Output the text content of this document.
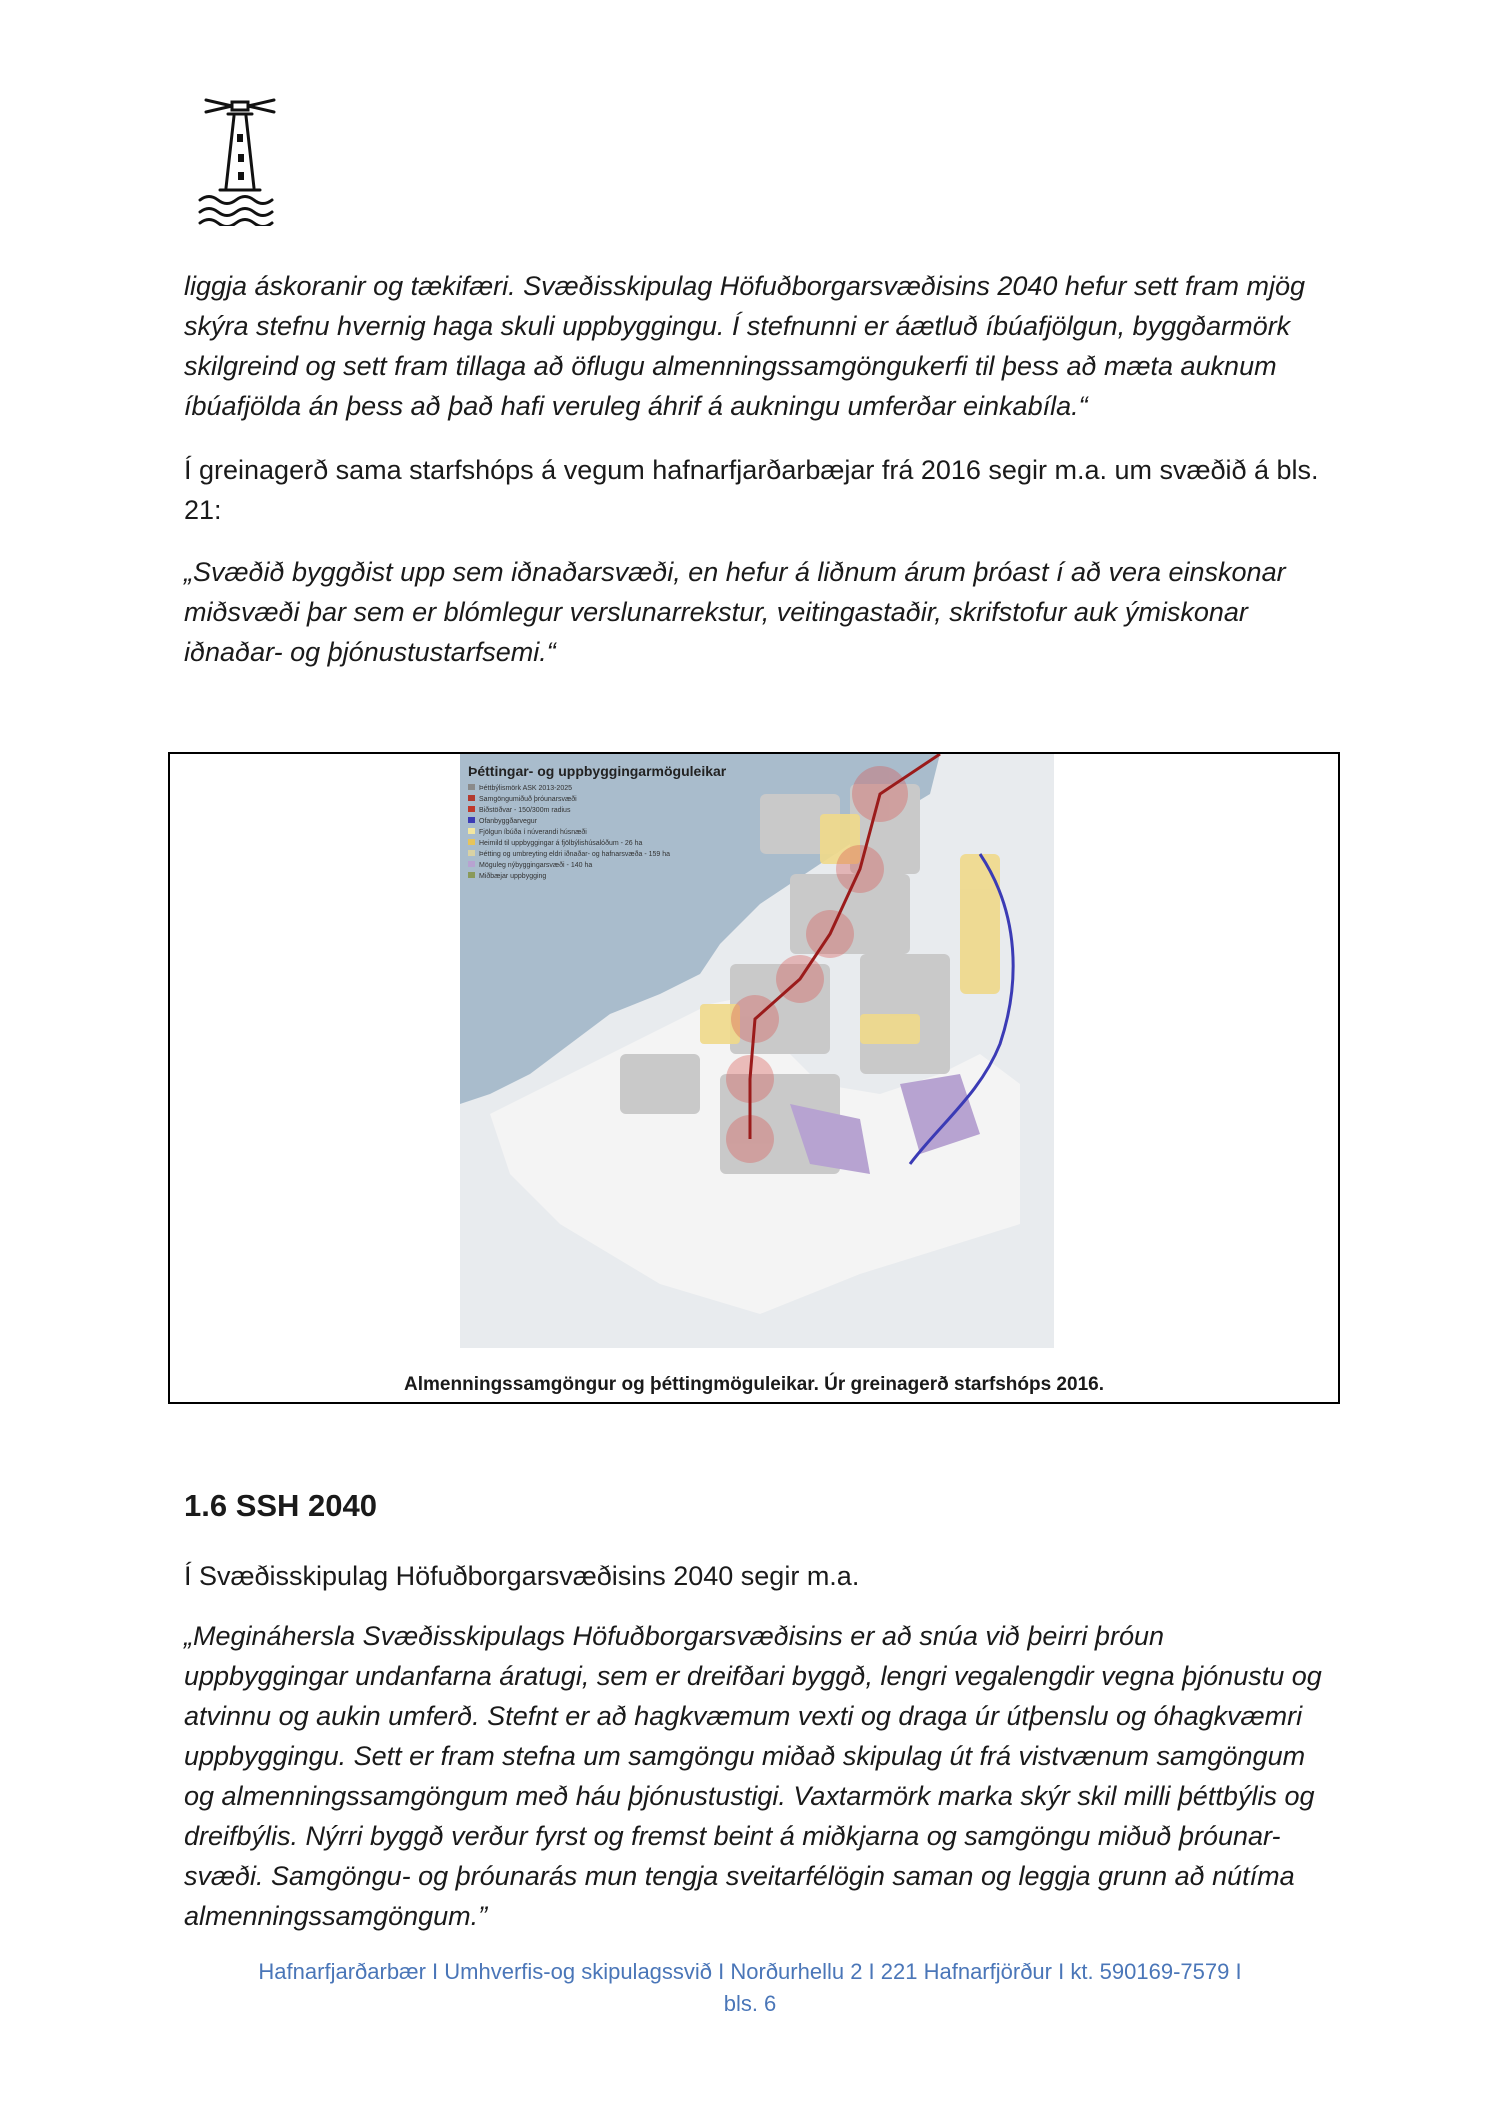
liggja áskoranir og tækifæri. Svæðisskipulag Höfuðborgarsvæðisins 2040 hefur sett fram mjög skýra stefnu hvernig haga skuli uppbyggingu. Í stefnunni er áætluð íbúafjölgun, byggðarmörk skilgreind og sett fram tillaga að öflugu almenningssamgöngukerfi til þess að mæta auknum íbúafjölda án þess að það hafi veruleg áhrif á aukningu umferðar einkabíla.“

Í greinagerð sama starfshóps á vegum hafnarfjarðarbæjar frá 2016 segir m.a. um svæðið á bls. 21:

„Svæðið byggðist upp sem iðnaðarsvæði, en hefur á liðnum árum þróast í að vera einskonar miðsvæði þar sem er blómlegur verslunarrekstur, veitingastaðir, skrifstofur auk ýmiskonar iðnaðar- og þjónustustarfsemi.“

Þéttingar- og uppbyggingarmöguleikar
Þéttbýlismörk ASK 2013-2025
Samgöngumiðuð þróunarsvæði
Biðstöðvar - 150/300m radius
Ofanbyggðarvegur
Fjölgun íbúða í núverandi húsnæði
Heimild til uppbyggingar á fjölbýlishúsalóðum - 26 ha
Þétting og umbreyting eldri iðnaðar- og hafnarsvæða - 159 ha
Möguleg nýbyggingarsvæði - 140 ha
Miðbæjar uppbygging
Almenningssamgöngur og þéttingmöguleikar. Úr greinagerð starfshóps 2016.
1.6 SSH 2040

Í Svæðisskipulag Höfuðborgarsvæðisins 2040 segir m.a.

„Megináhersla Svæðisskipulags Höfuðborgarsvæðisins er að snúa við þeirri þróun uppbyggingar undanfarna áratugi, sem er dreifðari byggð, lengri vegalengdir vegna þjónustu og atvinnu og aukin umferð. Stefnt er að hagkvæmum vexti og draga úr útþenslu og óhagkvæmri uppbyggingu. Sett er fram stefna um samgöngu miðað skipulag út frá vistvænum samgöngum og almenningssamgöngum með háu þjónustustigi. Vaxtarmörk marka skýr skil milli þéttbýlis og dreifbýlis. Nýrri byggð verður fyrst og fremst beint á miðkjarna og samgöngu miðuð þróunar-svæði. Samgöngu- og þróunarás mun tengja sveitarfélögin saman og leggja grunn að nútíma almenningssamgöngum.”

Hafnarfjarðarbær I Umhverfis-og skipulagssvið I Norðurhellu 2 I 221 Hafnarfjörður I kt. 590169-7579 I
bls. 6
